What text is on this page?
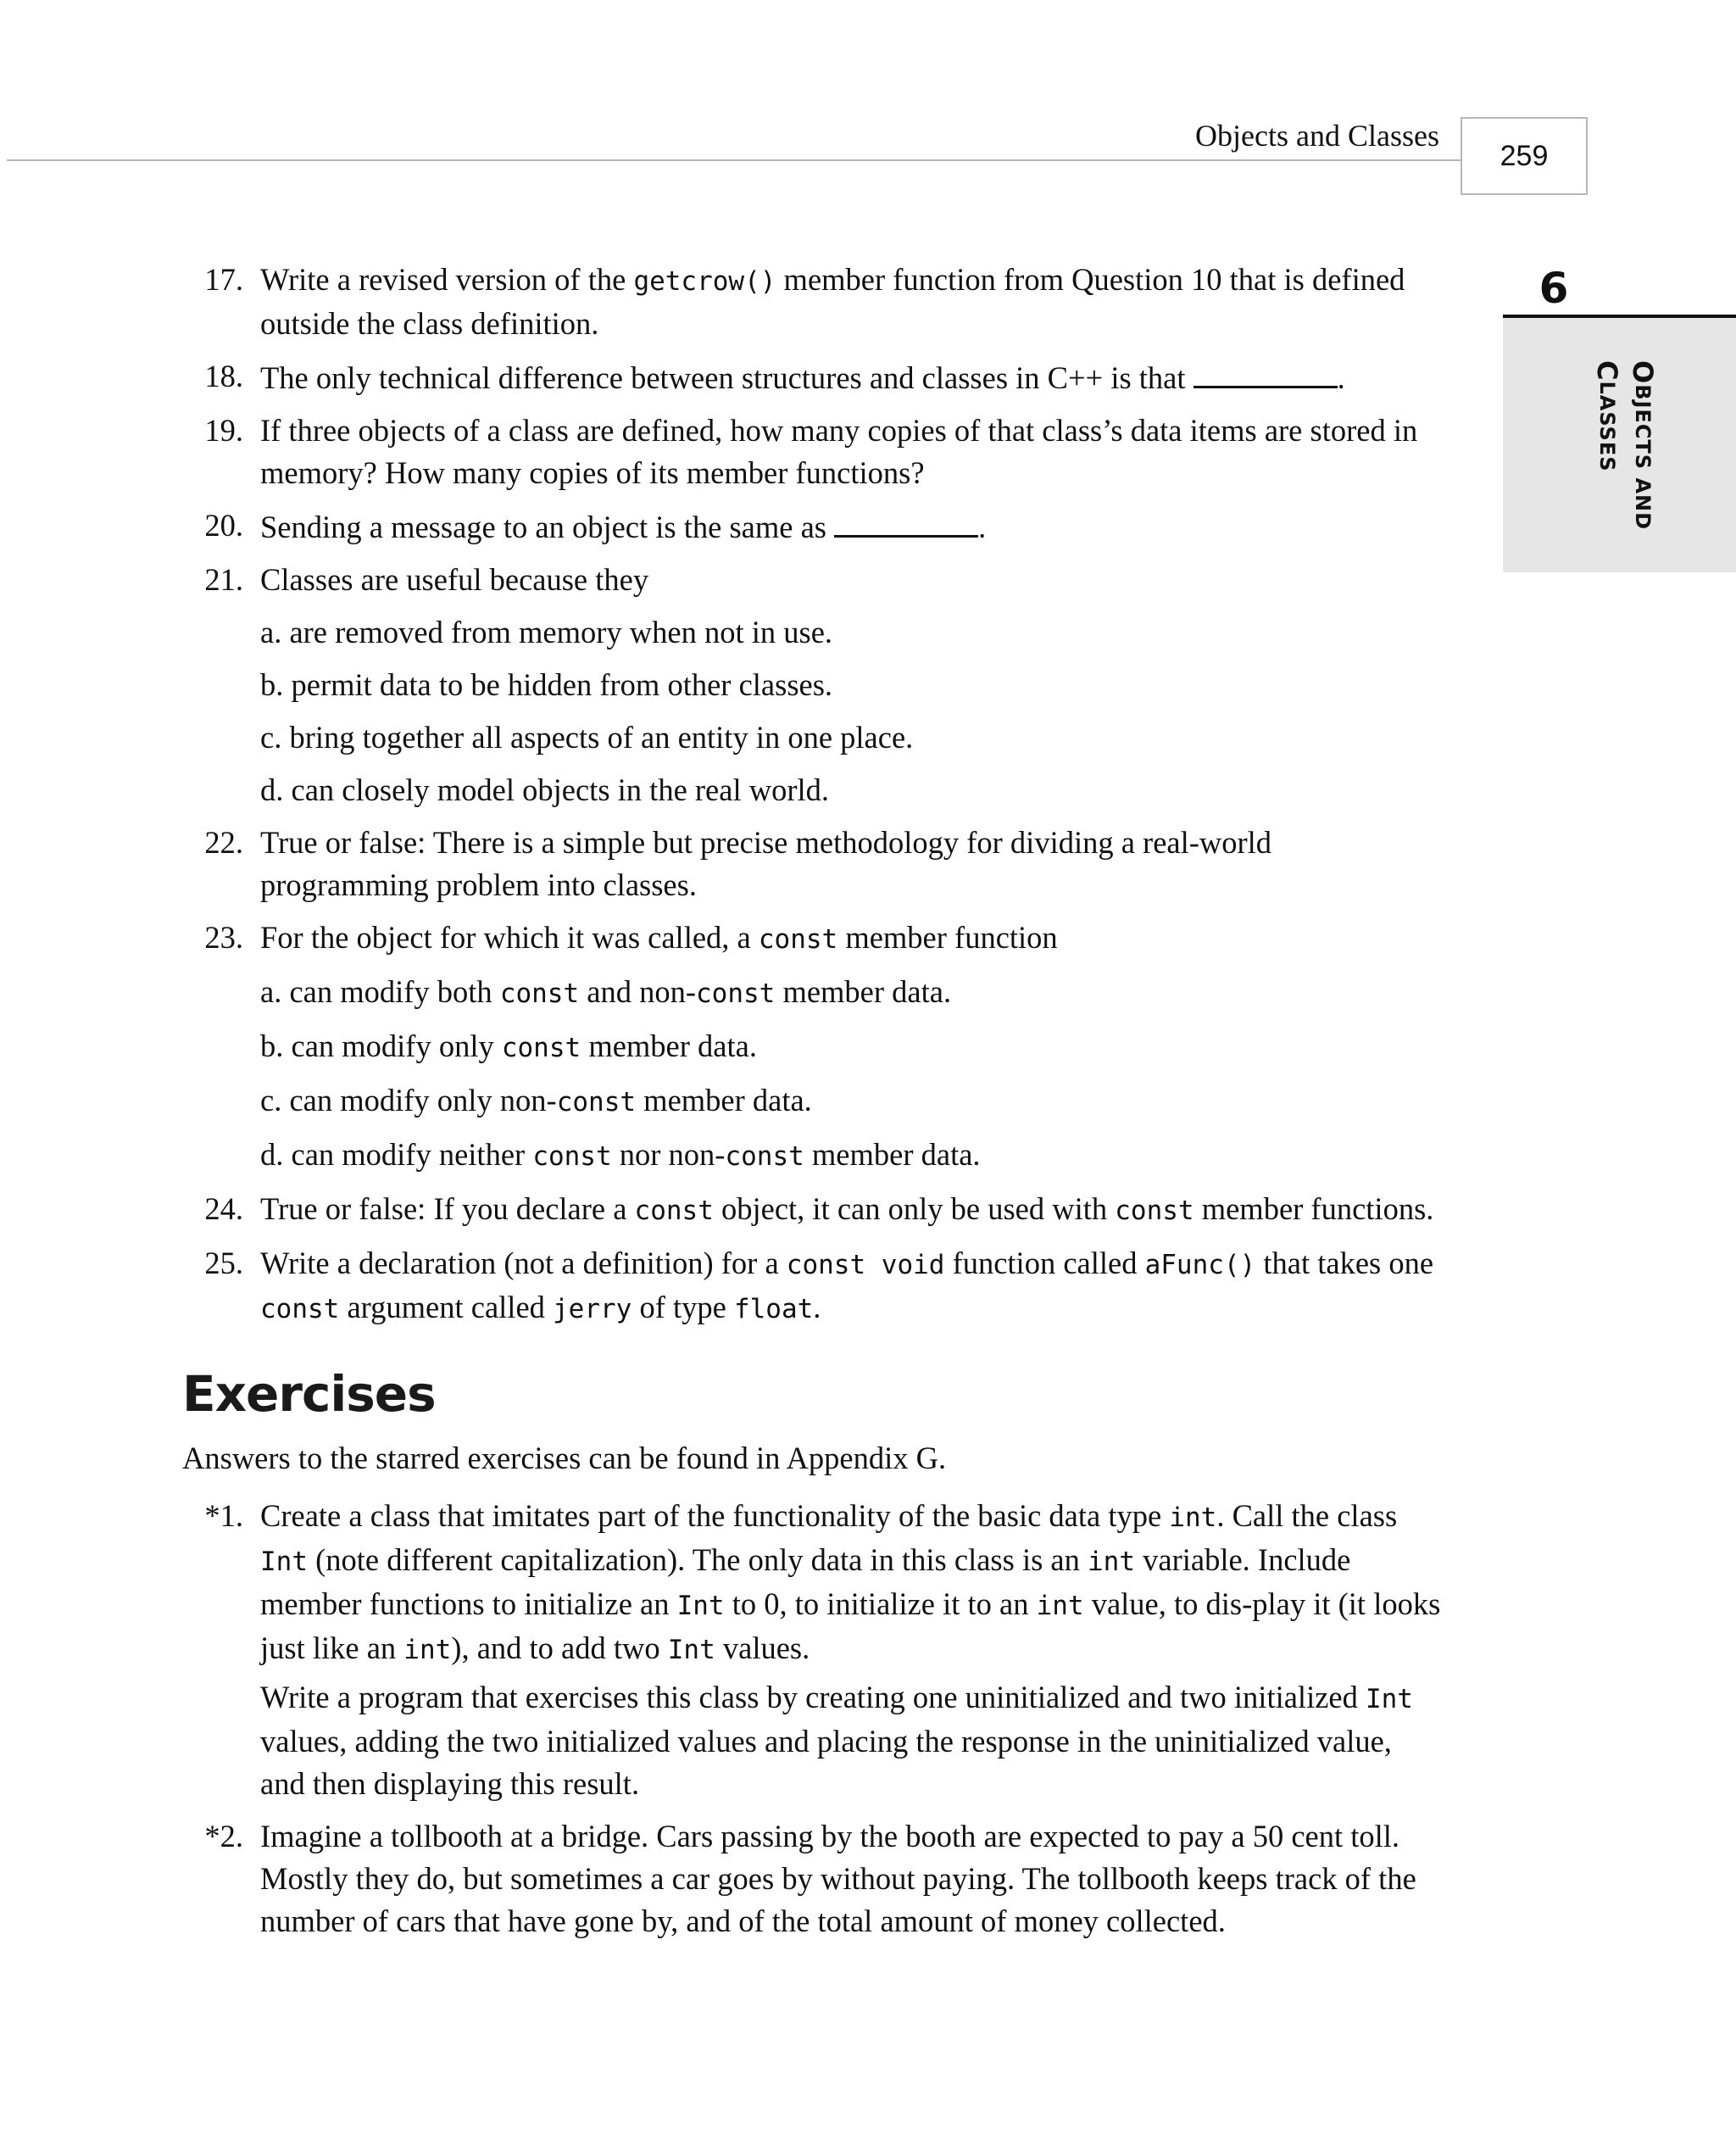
Objects and Classes
259
6
OBJECTS AND
CLASSES
17. Write a revised version of the getcrow() member function from Question 10 that is defined outside the class definition.
18. The only technical difference between structures and classes in C++ is that	.
19. If three objects of a class are defined, how many copies of that class’s data items are stored in memory? How many copies of its member functions?
20. Sending a message to an object is the same as	.
21. Classes are useful because they
a. are removed from memory when not in use.
b. permit data to be hidden from other classes.
c. bring together all aspects of an entity in one place.
d. can closely model objects in the real world.
22. True or false: There is a simple but precise methodology for dividing a real-world programming problem into classes.
23. For the object for which it was called, a const member function
a. can modify both const and non-const member data.
b. can modify only const member data.
c. can modify only non-const member data.
d. can modify neither const nor non-const member data.
24. True or false: If you declare a const object, it can only be used with const member functions.
25. Write a declaration (not a definition) for a const void function called aFunc() that takes one const argument called jerry of type float.
Exercises
Answers to the starred exercises can be found in Appendix G.
*1. Create a class that imitates part of the functionality of the basic data type int. Call the class Int (note different capitalization). The only data in this class is an int variable. Include member functions to initialize an Int to 0, to initialize it to an int value, to dis-play it (it looks just like an int), and to add two Int values.
Write a program that exercises this class by creating one uninitialized and two initialized Int values, adding the two initialized values and placing the response in the uninitialized value, and then displaying this result.
*2. Imagine a tollbooth at a bridge. Cars passing by the booth are expected to pay a 50 cent toll. Mostly they do, but sometimes a car goes by without paying. The tollbooth keeps track of the number of cars that have gone by, and of the total amount of money collected.
